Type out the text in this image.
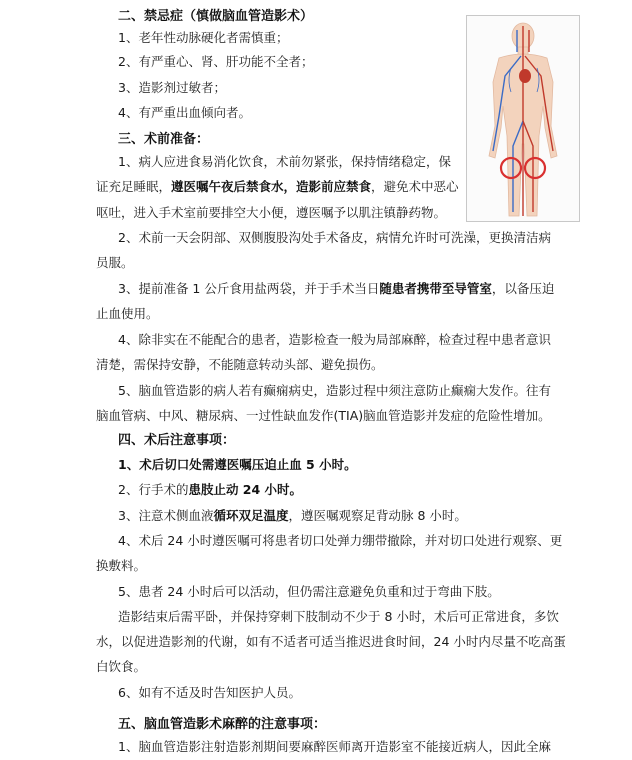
二、禁忌症（慎做脑血管造影术）
1、老年性动脉硬化者需慎重；
2、有严重心、肾、肝功能不全者；
3、造影剂过敏者；
4、有严重出血倾向者。
三、术前准备：
1、病人应进食易消化饮食，术前勿紧张，保持情绪稳定，保
证充足睡眠，遵医嘱午夜后禁食水，造影前应禁食，避免术中恶心
呕吐，进入手术室前要排空大小便，遵医嘱予以肌注镇静药物。
2、术前一天会阴部、双侧腹股沟处手术备皮，病情允许时可洗澡，更换清洁病
员服。
3、提前准备 1 公斤食用盐两袋，并于手术当日随患者携带至导管室，以备压迫
止血使用。
4、除非实在不能配合的患者，造影检查一般为局部麻醉，检查过程中患者意识
清楚，需保持安静，不能随意转动头部、避免损伤。
5、脑血管造影的病人若有癫痫病史，造影过程中须注意防止癫痫大发作。往有
脑血管病、中风、糖尿病、一过性缺血发作(TIA)脑血管造影并发症的危险性增加。
四、术后注意事项：
1、术后切口处需遵医嘱压迫止血 5 小时。
2、行手术的患肢止动 24 小时。
3、注意术侧血液循环双足温度，遵医嘱观察足背动脉 8 小时。
4、术后 24 小时遵医嘱可将患者切口处弹力绷带撤除，并对切口处进行观察、更
换敷料。
5、患者 24 小时后可以活动，但仍需注意避免负重和过于弯曲下肢。
造影结束后需平卧，并保持穿刺下肢制动不少于 8 小时，术后可正常进食，多饮
水，以促进造影剂的代谢，如有不适者可适当推迟进食时间，24 小时内尽量不吃高蛋
白饮食。
6、如有不适及时告知医护人员。
五、脑血管造影术麻醉的注意事项：
1、脑血管造影注射造影剂期间要麻醉医师离开造影室不能接近病人，因此全麻
